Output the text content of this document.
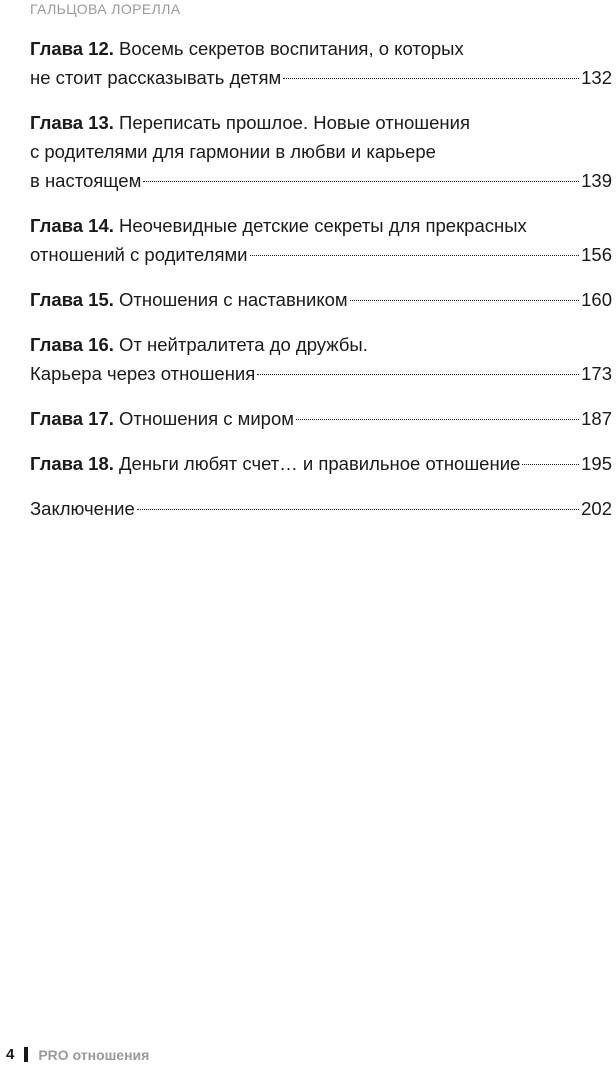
ГАЛЬЦОВА ЛОРЕЛЛА
Глава 12. Восемь секретов воспитания, о которых
не стоит рассказывать детям	132
Глава 13. Переписать прошлое. Новые отношения
с родителями для гармонии в любви и карьере
в настоящем	139
Глава 14. Неочевидные детские секреты для прекрасных
отношений с родителями	156
Глава 15.
Отношения с наставником	160
Глава 16. От нейтралитета до дружбы.
Карьера через отношения	173
Глава 17.
Отношения с миром	187
Глава 18.
Деньги любят счет… и правильное отношение	195
Заключение	202
4 PRO отношения
